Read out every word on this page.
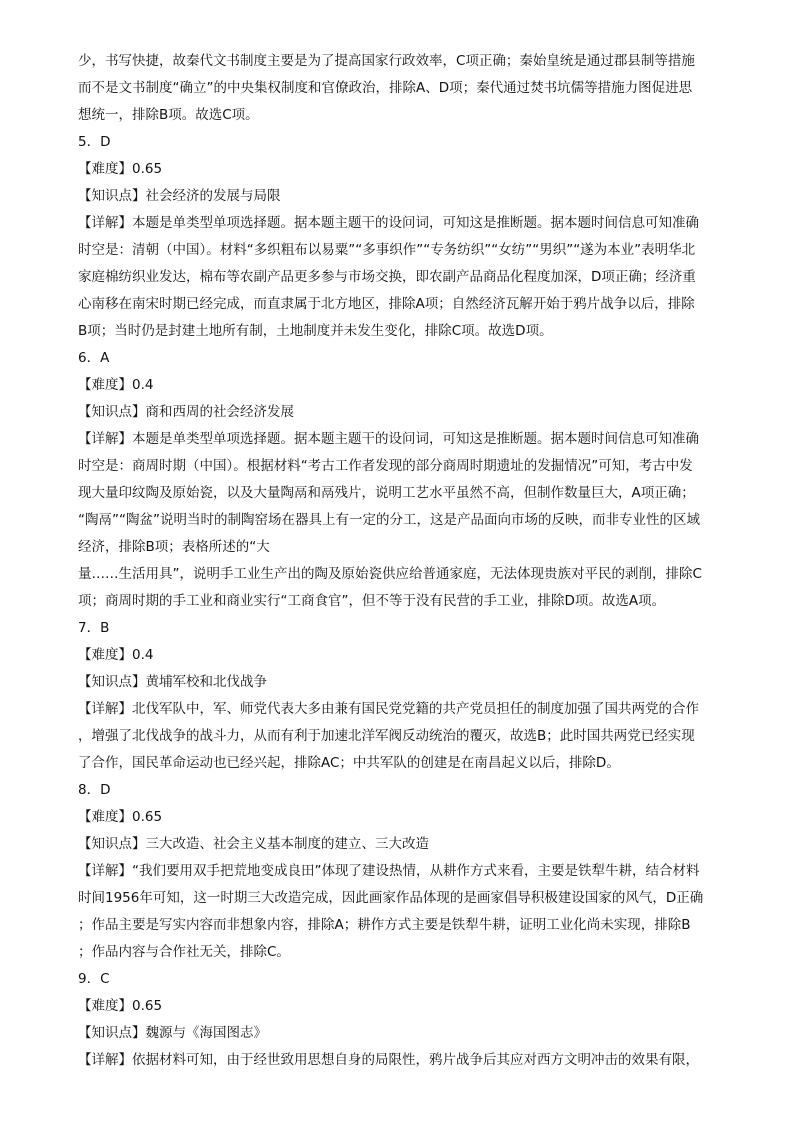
少，书写快捷，故秦代文书制度主要是为了提高国家行政效率，C项正确；秦始皇统是通过郡县制等措施
而不是文书制度“确立”的中央集权制度和官僚政治，排除A、D项；秦代通过焚书坑儒等措施力图促进思
想统一，排除B项。故选C项。
5．D
【难度】0.65
【知识点】社会经济的发展与局限
【详解】本题是单类型单项选择题。据本题主题干的设问词，可知这是推断题。据本题时间信息可知准确
时空是：清朝（中国）。材料“多织粗布以易粟”“多事织作”“专务纺织”“女纺”“男织”“遂为本业”表明华北
家庭棉纺织业发达，棉布等农副产品更多参与市场交换，即农副产品商品化程度加深，D项正确；经济重
心南移在南宋时期已经完成，而直隶属于北方地区，排除A项；自然经济瓦解开始于鸦片战争以后，排除
B项；当时仍是封建土地所有制，土地制度并未发生变化，排除C项。故选D项。
6．A
【难度】0.4
【知识点】商和西周的社会经济发展
【详解】本题是单类型单项选择题。据本题主题干的设问词，可知这是推断题。据本题时间信息可知准确
时空是：商周时期（中国）。根据材料“考古工作者发现的部分商周时期遗址的发掘情况”可知，考古中发
现大量印纹陶及原始瓷，以及大量陶鬲和鬲残片，说明工艺水平虽然不高，但制作数量巨大，A项正确；
“陶鬲”“陶盆”说明当时的制陶窑场在器具上有一定的分工，这是产品面向市场的反映，而非专业性的区域
经济，排除B项；表格所述的“大
量……生活用具”，说明手工业生产出的陶及原始瓷供应给普通家庭，无法体现贵族对平民的剥削，排除C
项；商周时期的手工业和商业实行“工商食官”，但不等于没有民营的手工业，排除D项。故选A项。
7．B
【难度】0.4
【知识点】黄埔军校和北伐战争
【详解】北伐军队中，军、师党代表大多由兼有国民党党籍的共产党员担任的制度加强了国共两党的合作
，增强了北伐战争的战斗力，从而有利于加速北洋军阀反动统治的覆灭，故选B；此时国共两党已经实现
了合作，国民革命运动也已经兴起，排除AC；中共军队的创建是在南昌起义以后，排除D。
8．D
【难度】0.65
【知识点】三大改造、社会主义基本制度的建立、三大改造
【详解】“我们要用双手把荒地变成良田”体现了建设热情，从耕作方式来看，主要是铁犁牛耕，结合材料
时间1956年可知，这一时期三大改造完成，因此画家作品体现的是画家倡导积极建设国家的风气，D正确
；作品主要是写实内容而非想象内容，排除A；耕作方式主要是铁犁牛耕，证明工业化尚未实现，排除B
；作品内容与合作社无关，排除C。
9．C
【难度】0.65
【知识点】魏源与《海国图志》
【详解】依据材料可知，由于经世致用思想自身的局限性，鸦片战争后其应对西方文明冲击的效果有限，
